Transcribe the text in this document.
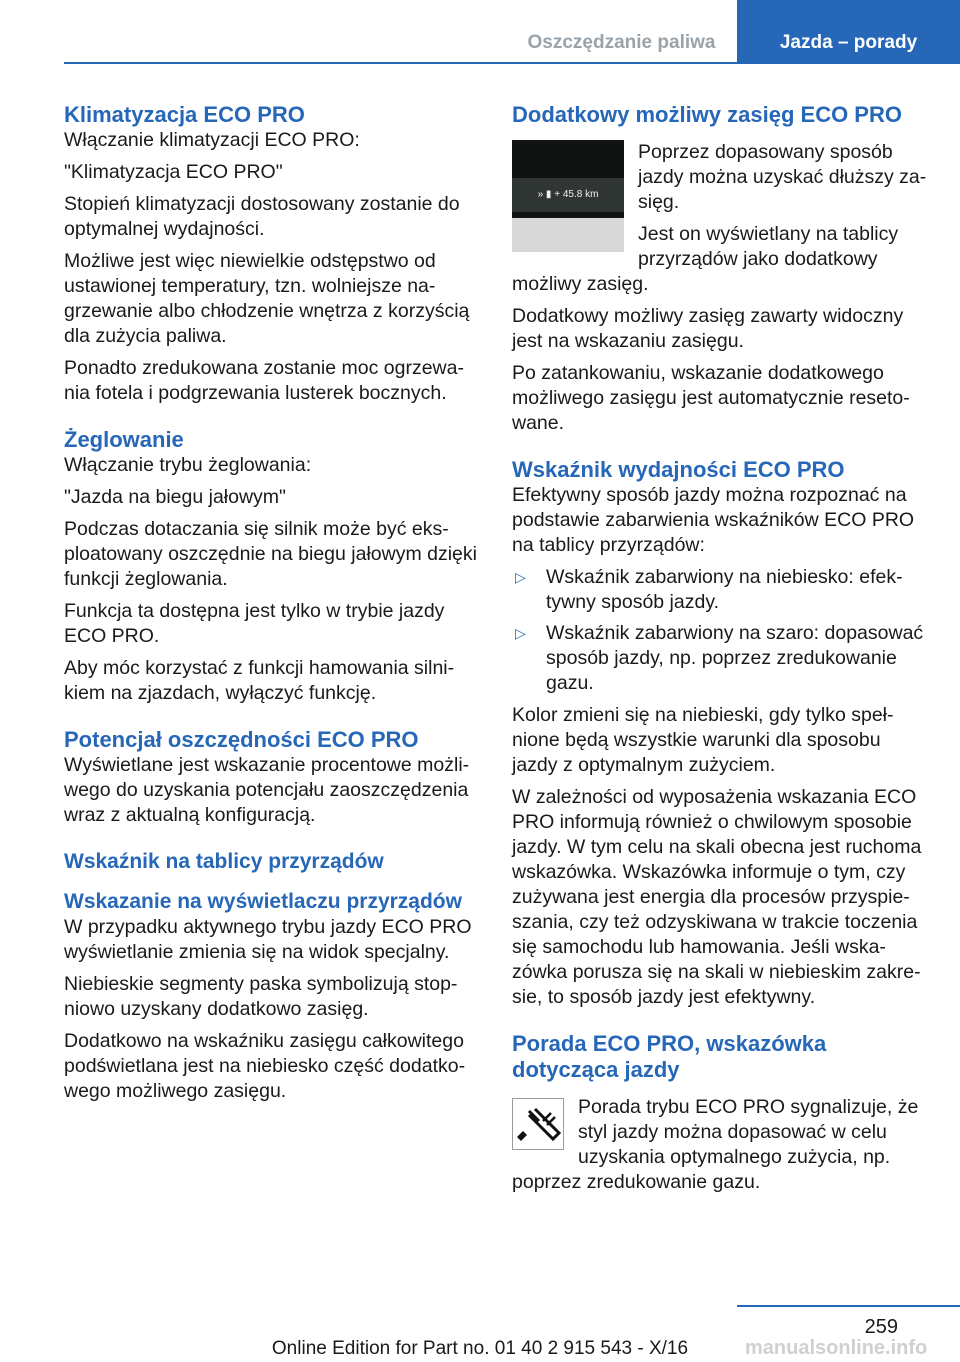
Oszczędzanie paliwa	Jazda – porady
Klimatyzacja ECO PRO

Włączanie klimatyzacji ECO PRO:

"Klimatyzacja ECO PRO"

Stopień klimatyzacji dostosowany zostanie do optymalnej wydajności.

Możliwe jest więc niewielkie odstępstwo od ustawionej temperatury, tzn. wolniejsze na-grzewanie albo chłodzenie wnętrza z korzyścią dla zużycia paliwa.

Ponadto zredukowana zostanie moc ogrzewa-nia fotela i podgrzewania lusterek bocznych.

Żeglowanie

Włączanie trybu żeglowania:

"Jazda na biegu jałowym"

Podczas dotaczania się silnik może być eks-ploatowany oszczędnie na biegu jałowym dzięki funkcji żeglowania.

Funkcja ta dostępna jest tylko w trybie jazdy ECO PRO.

Aby móc korzystać z funkcji hamowania silni-kiem na zjazdach, wyłączyć funkcję.

Potencjał oszczędności ECO PRO

Wyświetlane jest wskazanie procentowe możli-wego do uzyskania potencjału zaoszczędzenia wraz z aktualną konfiguracją.

Wskaźnik na tablicy przyrządów
Wskazanie na wyświetlaczu przyrządów

W przypadku aktywnego trybu jazdy ECO PRO wyświetlanie zmienia się na widok specjalny.

Niebieskie segmenty paska symbolizują stop-niowo uzyskany dodatkowo zasięg.

Dodatkowo na wskaźniku zasięgu całkowitego podświetlana jest na niebiesko część dodatko-wego możliwego zasięgu.

Dodatkowy możliwy zasięg ECO PRO
» ▮ + 45.8 km

Poprzez dopasowany sposób jazdy można uzyskać dłuższy za-sięg.

Jest on wyświetlany na tablicy przyrządów jako dodatkowy możliwy zasięg.

Dodatkowy możliwy zasięg zawarty widoczny jest na wskazaniu zasięgu.

Po zatankowaniu, wskazanie dodatkowego możliwego zasięgu jest automatycznie reseto-wane.

Wskaźnik wydajności ECO PRO

Efektywny sposób jazdy można rozpoznać na podstawie zabarwienia wskaźników ECO PRO na tablicy przyrządów:

▷ Wskaźnik zabarwiony na niebiesko: efek-tywny sposób jazdy.
▷ Wskaźnik zabarwiony na szaro: dopasować sposób jazdy, np. poprzez zredukowanie gazu.

Kolor zmieni się na niebieski, gdy tylko speł-nione będą wszystkie warunki dla sposobu jazdy z optymalnym zużyciem.

W zależności od wyposażenia wskazania ECO PRO informują również o chwilowym sposobie jazdy. W tym celu na skali obecna jest ruchoma wskazówka. Wskazówka informuje o tym, czy zużywana jest energia dla procesów przyspie-szania, czy też odzyskiwana w trakcie toczenia się samochodu lub hamowania. Jeśli wska-zówka porusza się na skali w niebieskim zakre-sie, to sposób jazdy jest efektywny.

Porada ECO PRO, wskazówka dotycząca jazdy

Porada trybu ECO PRO sygnalizuje, że styl jazdy można dopasować w celu uzyskania optymalnego zużycia, np. poprzez zredukowanie gazu.

259
Online Edition for Part no. 01 40 2 915 543 - X/16	manualsonline.info
